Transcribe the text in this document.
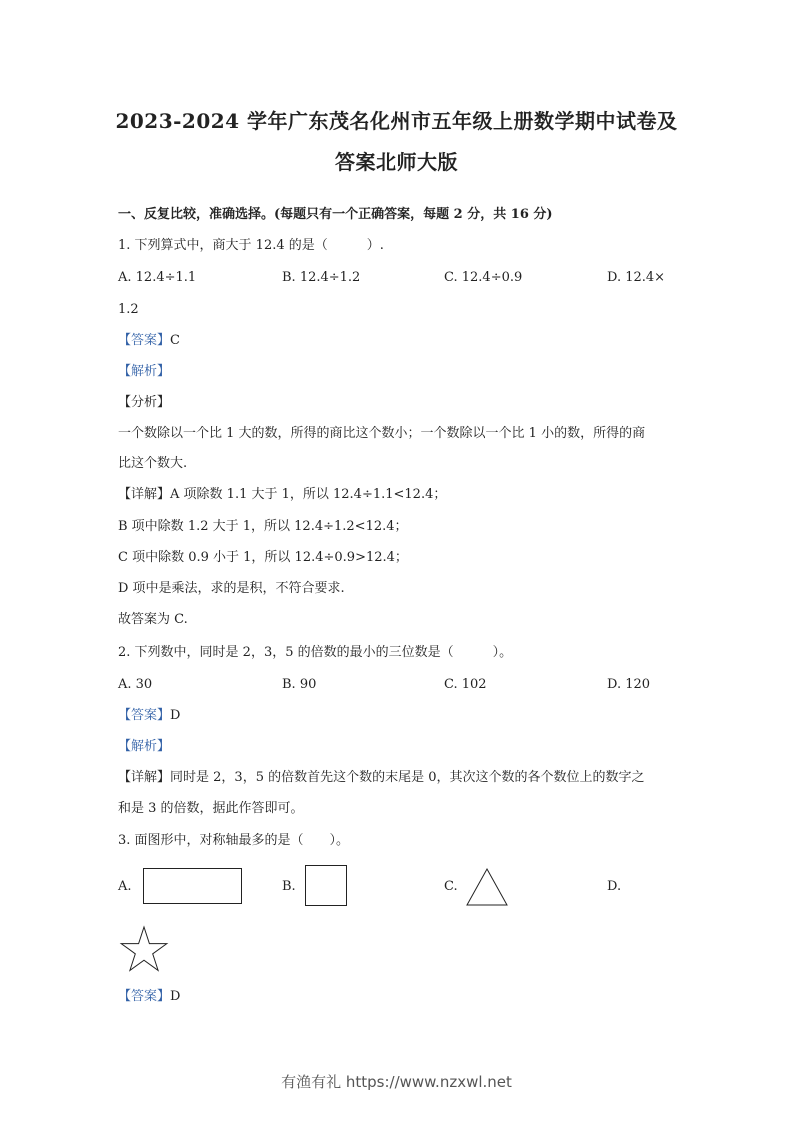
2023-2024 学年广东茂名化州市五年级上册数学期中试卷及
答案北师大版
一、反复比较，准确选择。(每题只有一个正确答案，每题 2 分，共 16 分)
1. 下列算式中，商大于 12.4 的是（　　　）.
A. 12.4÷1.1	B. 12.4÷1.2	C. 12.4÷0.9	D. 12.4×
1.2
【答案】C
【解析】
【分析】
一个数除以一个比 1 大的数，所得的商比这个数小；一个数除以一个比 1 小的数，所得的商
比这个数大.
【详解】A 项除数 1.1 大于 1，所以 12.4÷1.1<12.4；
B 项中除数 1.2 大于 1，所以 12.4÷1.2<12.4；
C 项中除数 0.9 小于 1，所以 12.4÷0.9>12.4；
D 项中是乘法，求的是积，不符合要求.
故答案为 C.
2. 下列数中，同时是 2，3，5 的倍数的最小的三位数是（　　　）。
A. 30	B. 90	C. 102	D. 120
【答案】D
【解析】
【详解】同时是 2，3，5 的倍数首先这个数的末尾是 0，其次这个数的各个数位上的数字之
和是 3 的倍数，据此作答即可。
3. 面图形中，对称轴最多的是（　　）。
A.	B.	C.	D.
【答案】D
有渔有礼 https://www.nzxwl.net
